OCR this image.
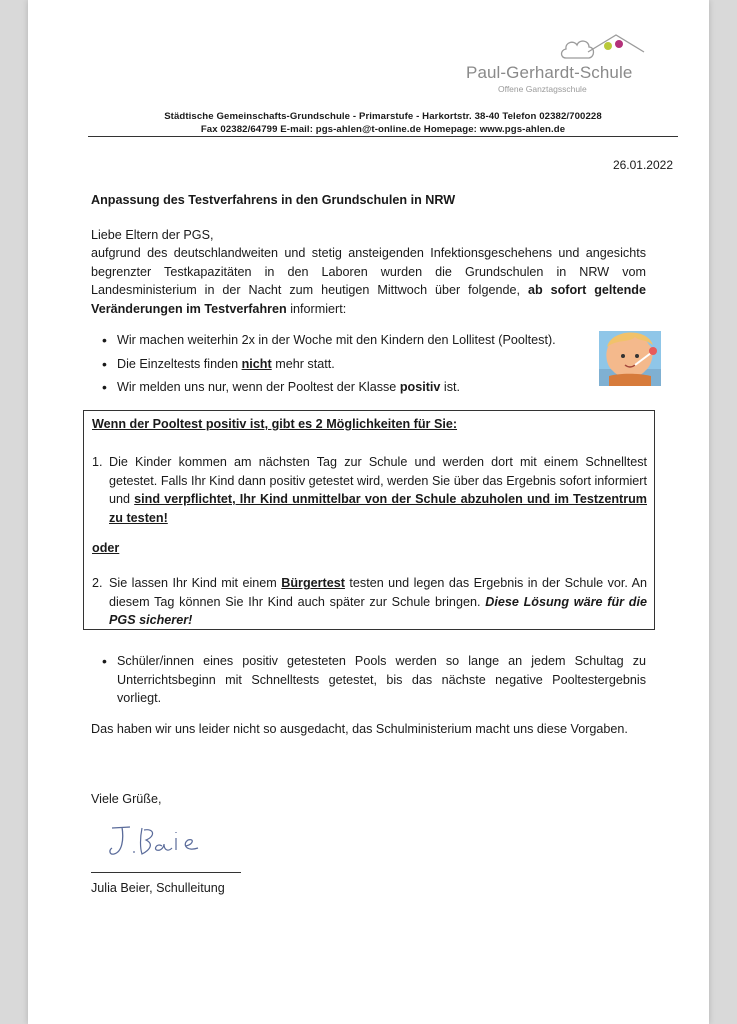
Paul-Gerhardt-Schule
Offene Ganztagsschule
Städtische Gemeinschafts-Grundschule - Primarstufe - Harkortstr. 38-40 Telefon 02382/700228
Fax 02382/64799 E-mail: pgs-ahlen@t-online.de Homepage: www.pgs-ahlen.de
26.01.2022
Anpassung des Testverfahrens in den Grundschulen in NRW
Liebe Eltern der PGS,
aufgrund des deutschlandweiten und stetig ansteigenden Infektionsgeschehens und angesichts begrenzter Testkapazitäten in den Laboren wurden die Grundschulen in NRW vom Landesministerium in der Nacht zum heutigen Mittwoch über folgende, ab sofort geltende Veränderungen im Testverfahren informiert:
• Wir machen weiterhin 2x in der Woche mit den Kindern den Lollitest (Pooltest).
• Die Einzeltests finden nicht mehr statt.
• Wir melden uns nur, wenn der Pooltest der Klasse positiv ist.
Wenn der Pooltest positiv ist, gibt es 2 Möglichkeiten für Sie:
1. Die Kinder kommen am nächsten Tag zur Schule und werden dort mit einem Schnelltest getestet. Falls Ihr Kind dann positiv getestet wird, werden Sie über das Ergebnis sofort informiert und sind verpflichtet, Ihr Kind unmittelbar von der Schule abzuholen und im Testzentrum zu testen!
oder
2. Sie lassen Ihr Kind mit einem Bürgertest testen und legen das Ergebnis in der Schule vor. An diesem Tag können Sie Ihr Kind auch später zur Schule bringen. Diese Lösung wäre für die PGS sicherer!
• Schüler/innen eines positiv getesteten Pools werden so lange an jedem Schultag zu Unterrichtsbeginn mit Schnelltests getestet, bis das nächste negative Pooltestergebnis vorliegt.
Das haben wir uns leider nicht so ausgedacht, das Schulministerium macht uns diese Vorgaben.
Viele Grüße,
Julia Beier, Schulleitung
